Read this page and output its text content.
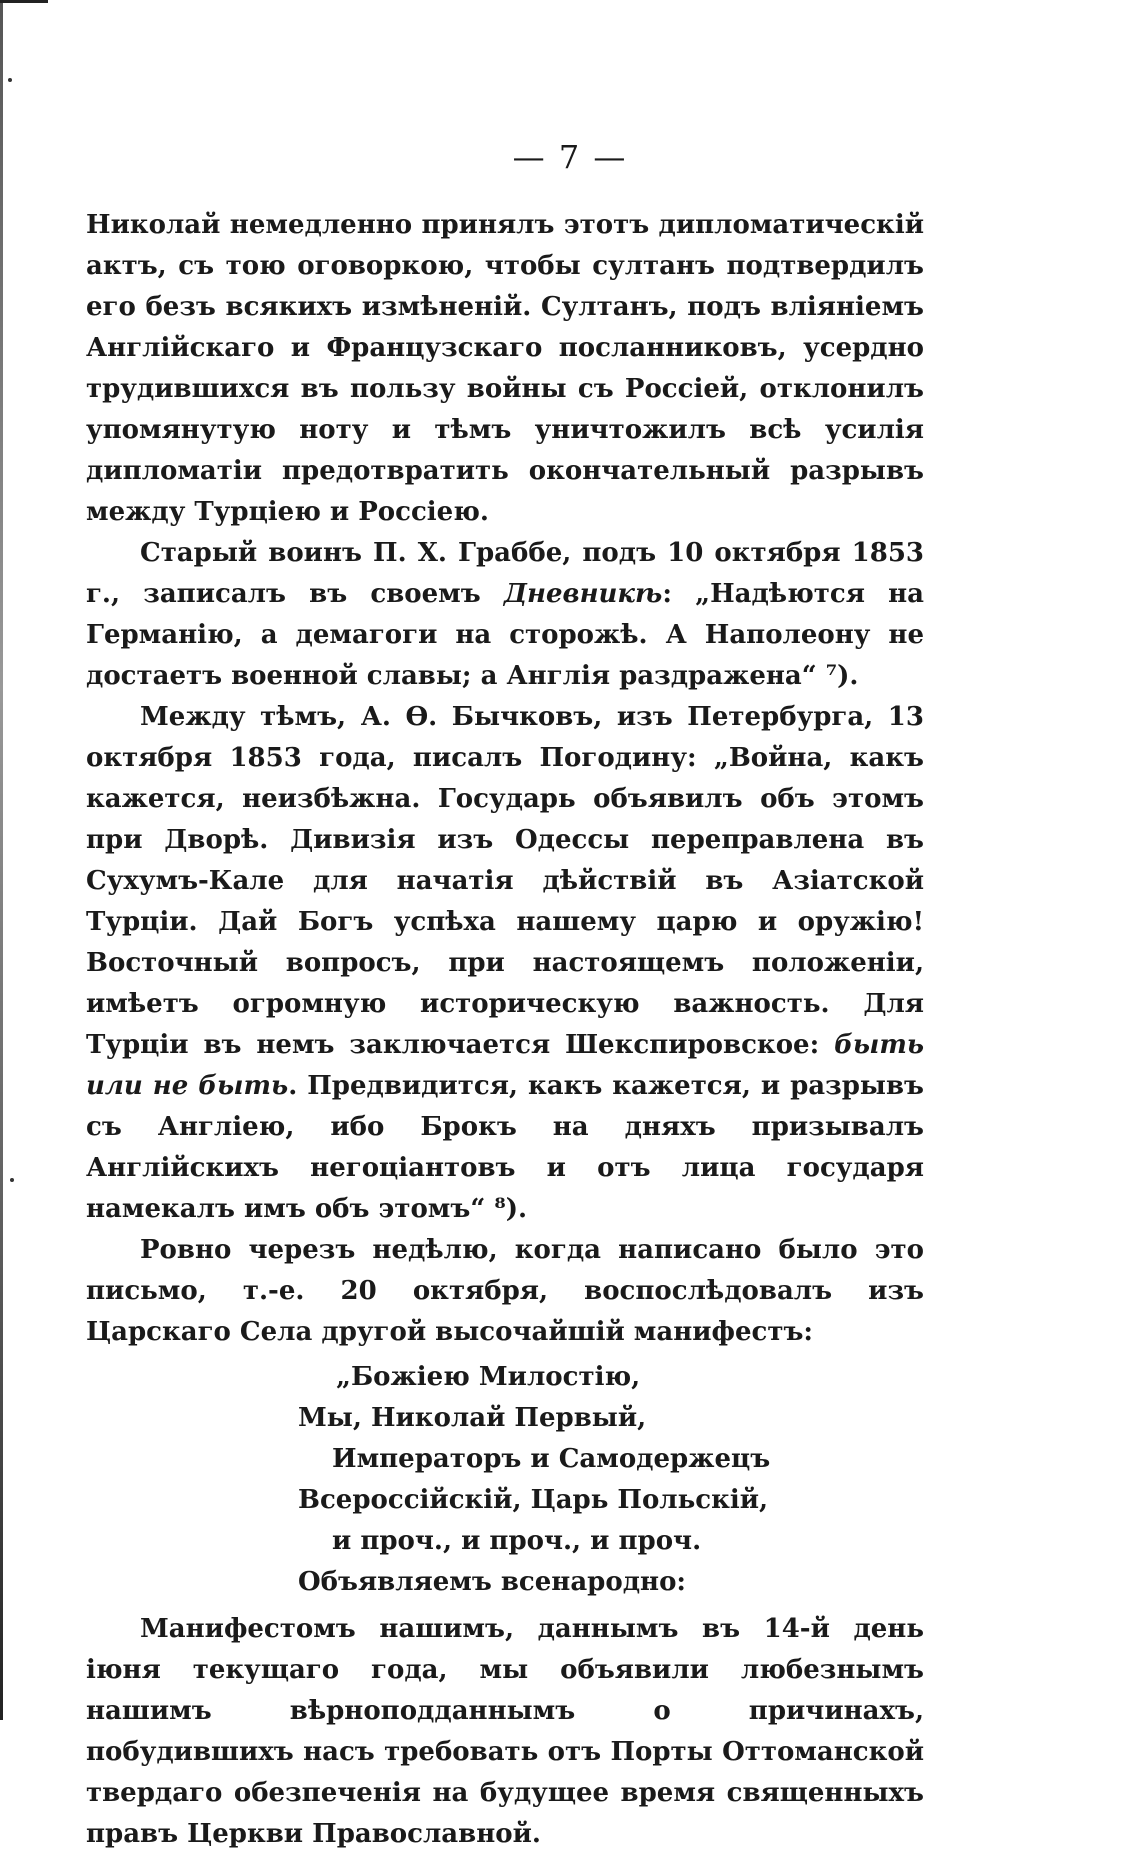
— 7 —

Николай немедленно принялъ этотъ дипломатическій актъ, съ тою оговоркою, чтобы султанъ подтвердилъ его безъ всякихъ измѣненій. Султанъ, подъ вліяніемъ Англійскаго и Французскаго посланниковъ, усердно трудившихся въ пользу войны съ Россіей, отклонилъ упомянутую ноту и тѣмъ уничтожилъ всѣ усилія дипломатіи предотвратить окончательный разрывъ между Турціею и Россіею.

Старый воинъ П. Х. Граббе, подъ 10 октября 1853 г., записалъ въ своемъ Дневникѣ: „Надѣются на Германію, а демагоги на сторожѣ. А Наполеону не достаетъ военной славы; а Англія раздражена“ ⁷).

Между тѣмъ, А. Ѳ. Бычковъ, изъ Петербурга, 13 октября 1853 года, писалъ Погодину: „Война, какъ кажется, неизбѣжна. Государь объявилъ объ этомъ при Дворѣ. Дивизія изъ Одессы переправлена въ Сухумъ-Кале для начатія дѣйствій въ Азіатской Турціи. Дай Богъ успѣха нашему царю и оружію! Восточный вопросъ, при настоящемъ положеніи, имѣетъ огромную историческую важность. Для Турціи въ немъ заключается Шекспировское: быть или не быть. Предвидится, какъ кажется, и разрывъ съ Англіею, ибо Брокъ на дняхъ призывалъ Англійскихъ негоціантовъ и отъ лица государя намекалъ имъ объ этомъ“ ⁸).

Ровно черезъ недѣлю, когда написано было это письмо, т.-е. 20 октября, воспослѣдовалъ изъ Царскаго Села другой высочайшій манифестъ:

„Божіею Милостію,
Мы, Николай Первый,
Императоръ и Самодержецъ
Всероссійскій, Царь Польскій,
и проч., и проч., и проч.
Объявляемъ всенародно:

Манифестомъ нашимъ, даннымъ въ 14-й день іюня текущаго года, мы объявили любезнымъ нашимъ вѣрноподданнымъ о причинахъ, побудившихъ насъ требовать отъ Порты Оттоманской твердаго обезпеченія на будущее время священныхъ правъ Церкви Православной.
